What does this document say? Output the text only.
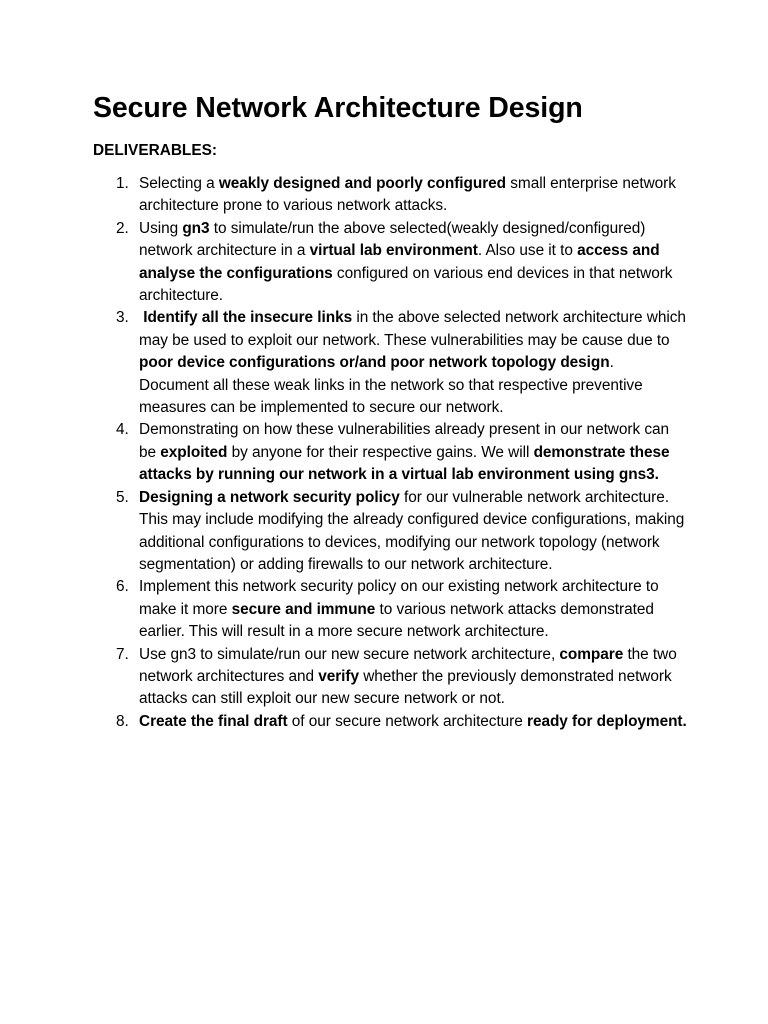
Secure Network Architecture Design
DELIVERABLES:
1. Selecting a weakly designed and poorly configured small enterprise network architecture prone to various network attacks.
2. Using gn3 to simulate/run the above selected(weakly designed/configured) network architecture in a virtual lab environment. Also use it to access and analyse the configurations configured on various end devices in that network architecture.
3. Identify all the insecure links in the above selected network architecture which may be used to exploit our network. These vulnerabilities may be cause due to poor device configurations or/and poor network topology design.  Document all these weak links in the network so that respective preventive measures can be implemented to secure our network.
4. Demonstrating on how these vulnerabilities already present in our network can be exploited by anyone for their respective gains. We will demonstrate these attacks by running our network in a virtual lab environment using gns3.
5. Designing a network security policy for our vulnerable network architecture. This may include modifying the already configured device configurations, making additional configurations to devices, modifying our network topology (network segmentation) or adding firewalls to our network architecture.
6. Implement this network security policy on our existing network architecture to make it more secure and immune to various network attacks demonstrated earlier. This will result in a more secure network architecture.
7. Use gn3 to simulate/run our new secure network architecture, compare the two network architectures and verify whether the previously demonstrated network attacks can still exploit our new secure network or not.
8. Create the final draft of our secure network architecture ready for deployment.
